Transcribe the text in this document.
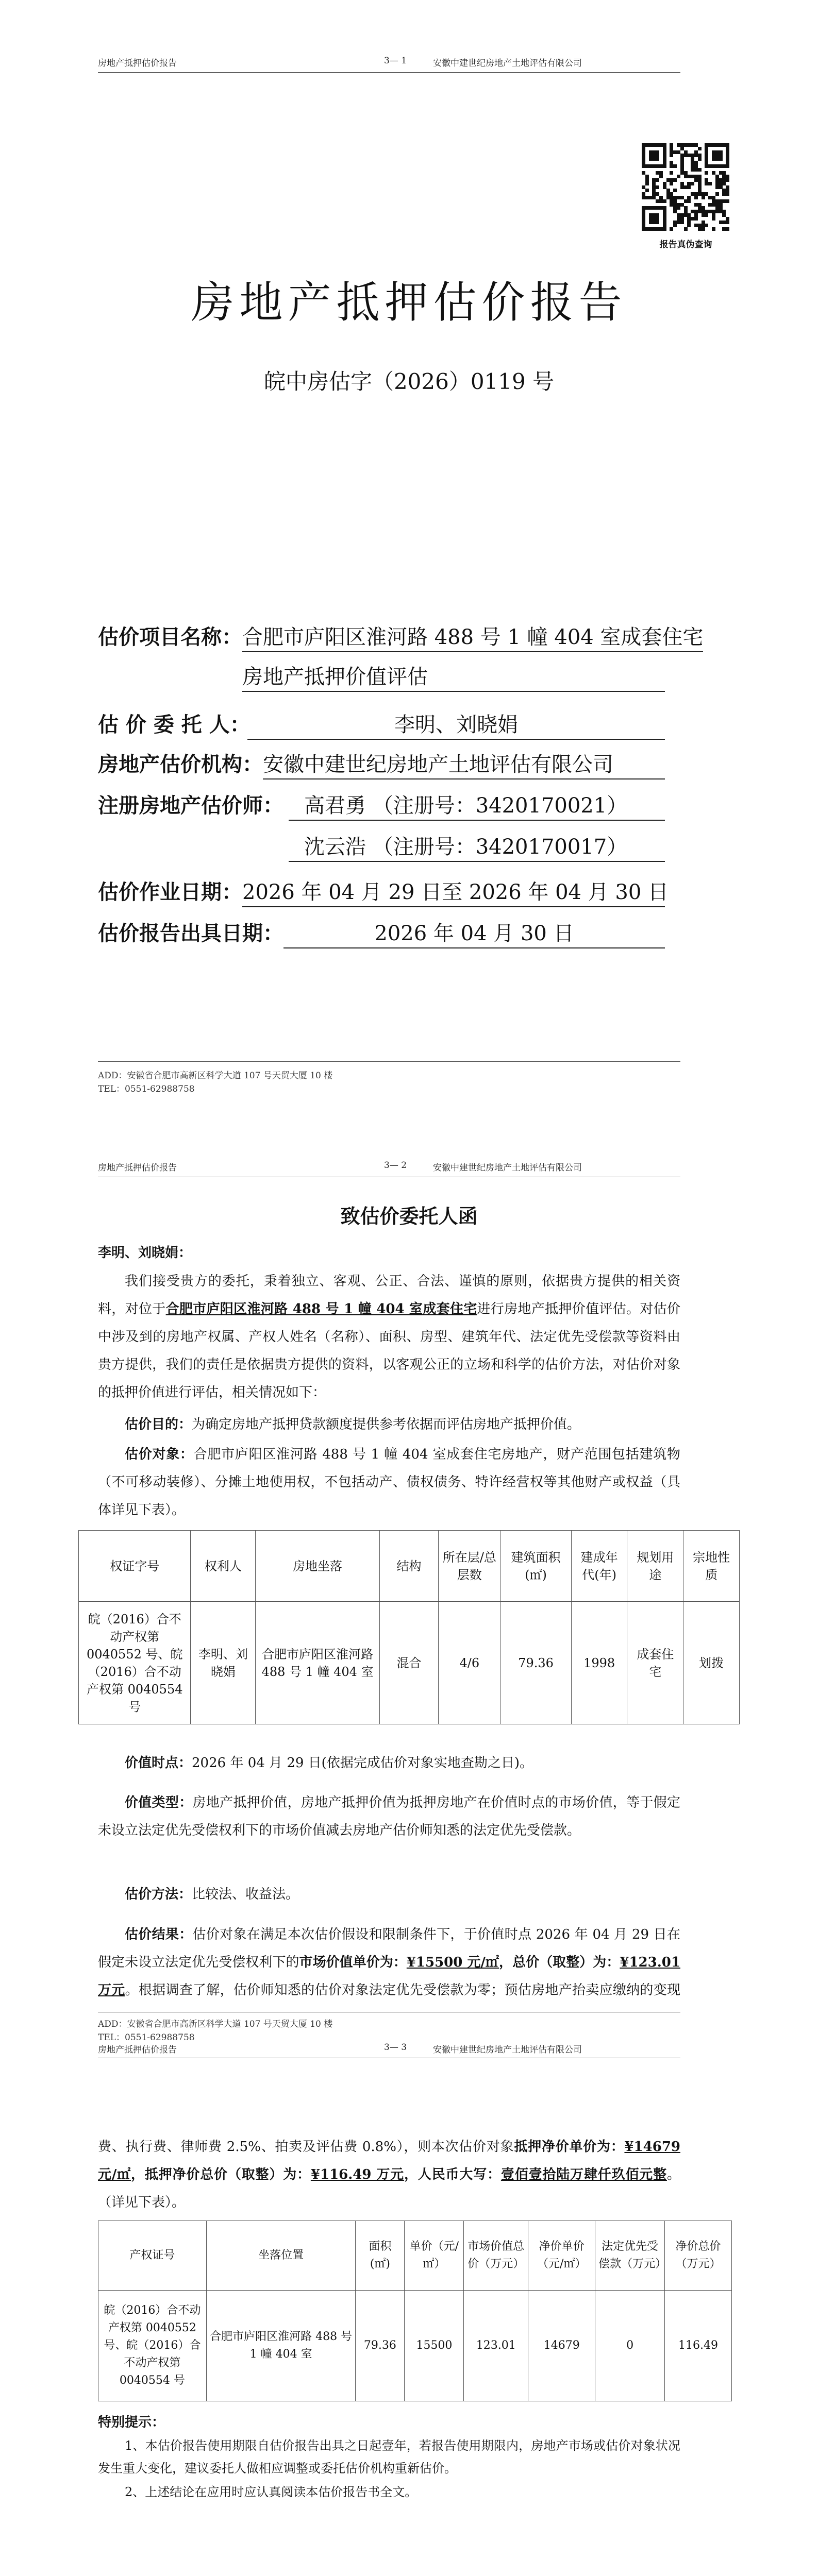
房地产抵押估价报告	3— 1	安徽中建世纪房地产土地评估有限公司
报告真伪查询
房地产抵押估价报告
皖中房估字（2026）0119 号
估价项目名称： 合肥市庐阳区淮河路 488 号 1 幢 404 室成套住宅
房地产抵押价值评估
估 价 委 托 人：	李明、刘晓娟
房地产估价机构： 安徽中建世纪房地产土地评估有限公司
注册房地产估价师：	高君勇 （注册号：3420170021）
沈云浩 （注册号：3420170017）
估价作业日期： 2026 年 04 月 29 日至 2026 年 04 月 30 日
估价报告出具日期：	2026 年 04 月 30 日
ADD：安徽省合肥市高新区科学大道 107 号天贸大厦 10 楼
TEL：0551-62988758
房地产抵押估价报告	3— 2	安徽中建世纪房地产土地评估有限公司
致估价委托人函
李明、刘晓娟：
我们接受贵方的委托，秉着独立、客观、公正、合法、谨慎的原则，依据贵方提供的相关资料，对位于合肥市庐阳区淮河路 488 号 1 幢 404 室成套住宅进行房地产抵押价值评估。对估价中涉及到的房地产权属、产权人姓名（名称）、面积、房型、建筑年代、法定优先受偿款等资料由贵方提供，我们的责任是依据贵方提供的资料，以客观公正的立场和科学的估价方法，对估价对象的抵押价值进行评估，相关情况如下：
估价目的：为确定房地产抵押贷款额度提供参考依据而评估房地产抵押价值。
估价对象：合肥市庐阳区淮河路 488 号 1 幢 404 室成套住宅房地产，财产范围包括建筑物（不可移动装修）、分摊土地使用权，不包括动产、债权债务、特许经营权等其他财产或权益（具体详见下表）。
权证字号	权利人	房地坐落	结构	所在层/总层数	建筑面积(㎡)	建成年代(年)	规划用途	宗地性质
皖（2016）合不动产权第 0040552 号、皖（2016）合不动产权第 0040554 号	李明、刘晓娟	合肥市庐阳区淮河路 488 号 1 幢 404 室	混合	4/6	79.36	1998	成套住宅	划拨
价值时点：2026 年 04 月 29 日(依据完成估价对象实地查勘之日)。
价值类型：房地产抵押价值，房地产抵押价值为抵押房地产在价值时点的市场价值，等于假定未设立法定优先受偿权利下的市场价值减去房地产估价师知悉的法定优先受偿款。
估价方法：比较法、收益法。
估价结果：估价对象在满足本次估价假设和限制条件下，于价值时点 2026 年 04 月 29 日在假定未设立法定优先受偿权利下的市场价值单价为：¥15500 元/㎡，总价（取整）为：¥123.01 万元。根据调查了解，估价师知悉的估价对象法定优先受偿款为零；预估房地产抬卖应缴纳的变现
ADD：安徽省合肥市高新区科学大道 107 号天贸大厦 10 楼
TEL：0551-62988758
房地产抵押估价报告	3— 3	安徽中建世纪房地产土地评估有限公司
费、执行费、律师费 2.5%、拍卖及评估费 0.8%），则本次估价对象抵押净价单价为：¥14679 元/㎡，抵押净价总价（取整）为：¥116.49 万元，人民币大写：壹佰壹拾陆万肆仟玖佰元整。（详见下表）。
产权证号	坐落位置	面积(㎡)	单价（元/㎡）	市场价值总价（万元）	净价单价（元/㎡）	法定优先受偿款（万元）	净价总价（万元）
皖（2016）合不动产权第 0040552 号、皖（2016）合不动产权第 0040554 号	合肥市庐阳区淮河路 488 号 1 幢 404 室	79.36	15500	123.01	14679	0	116.49
特别提示：
1、本估价报告使用期限自估价报告出具之日起壹年，若报告使用期限内，房地产市场或估价对象状况发生重大变化，建议委托人做相应调整或委托估价机构重新估价。
2、上述结论在应用时应认真阅读本估价报告书全文。
